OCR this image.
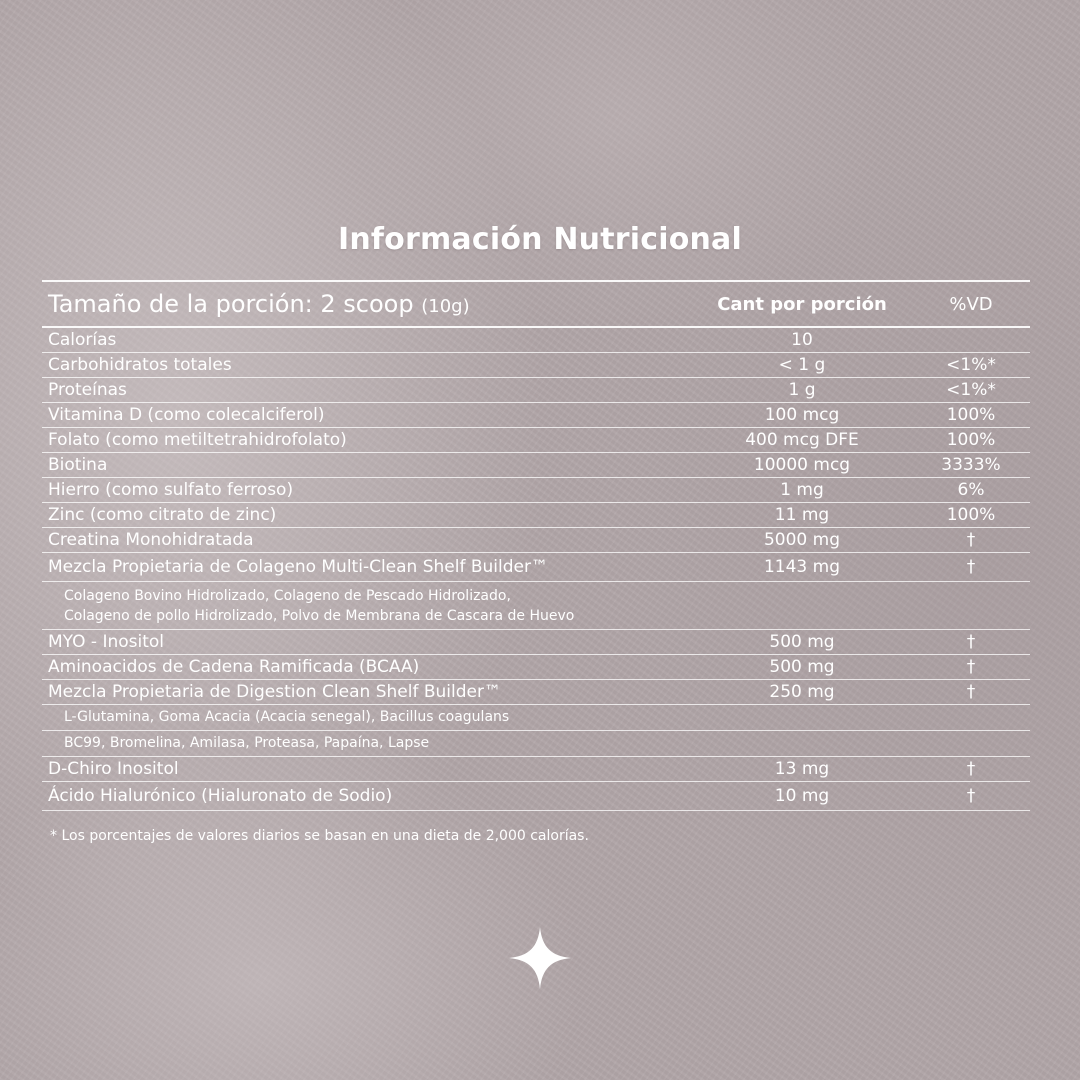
Información Nutricional
Tamaño de la porción: 2 scoop (10g)	Cant por porción	%VD
Calorías	10
Carbohidratos totales	< 1 g	<1%*
Proteínas	1 g	<1%*
Vitamina D (como colecalciferol)	100 mcg	100%
Folato (como metiltetrahidrofolato)	400 mcg DFE	100%
Biotina	10000 mcg	3333%
Hierro (como sulfato ferroso)	1 mg	6%
Zinc (como citrato de zinc)	11 mg	100%
Creatina Monohidratada	5000 mg	†
Mezcla Propietaria de Colageno Multi-Clean Shelf Builder™	1143 mg	†
Colageno Bovino Hidrolizado, Colageno de Pescado Hidrolizado,
Colageno de pollo Hidrolizado, Polvo de Membrana de Cascara de Huevo
MYO - Inositol	500 mg	†
Aminoacidos de Cadena Ramificada (BCAA)	500 mg	†
Mezcla Propietaria de Digestion Clean Shelf Builder™	250 mg	†
L-Glutamina, Goma Acacia (Acacia senegal), Bacillus coagulans
BC99, Bromelina, Amilasa, Proteasa, Papaína, Lapse
D-Chiro Inositol	13 mg	†
Ácido Hialurónico (Hialuronato de Sodio)	10 mg	†
* Los porcentajes de valores diarios se basan en una dieta de 2,000 calorías.
